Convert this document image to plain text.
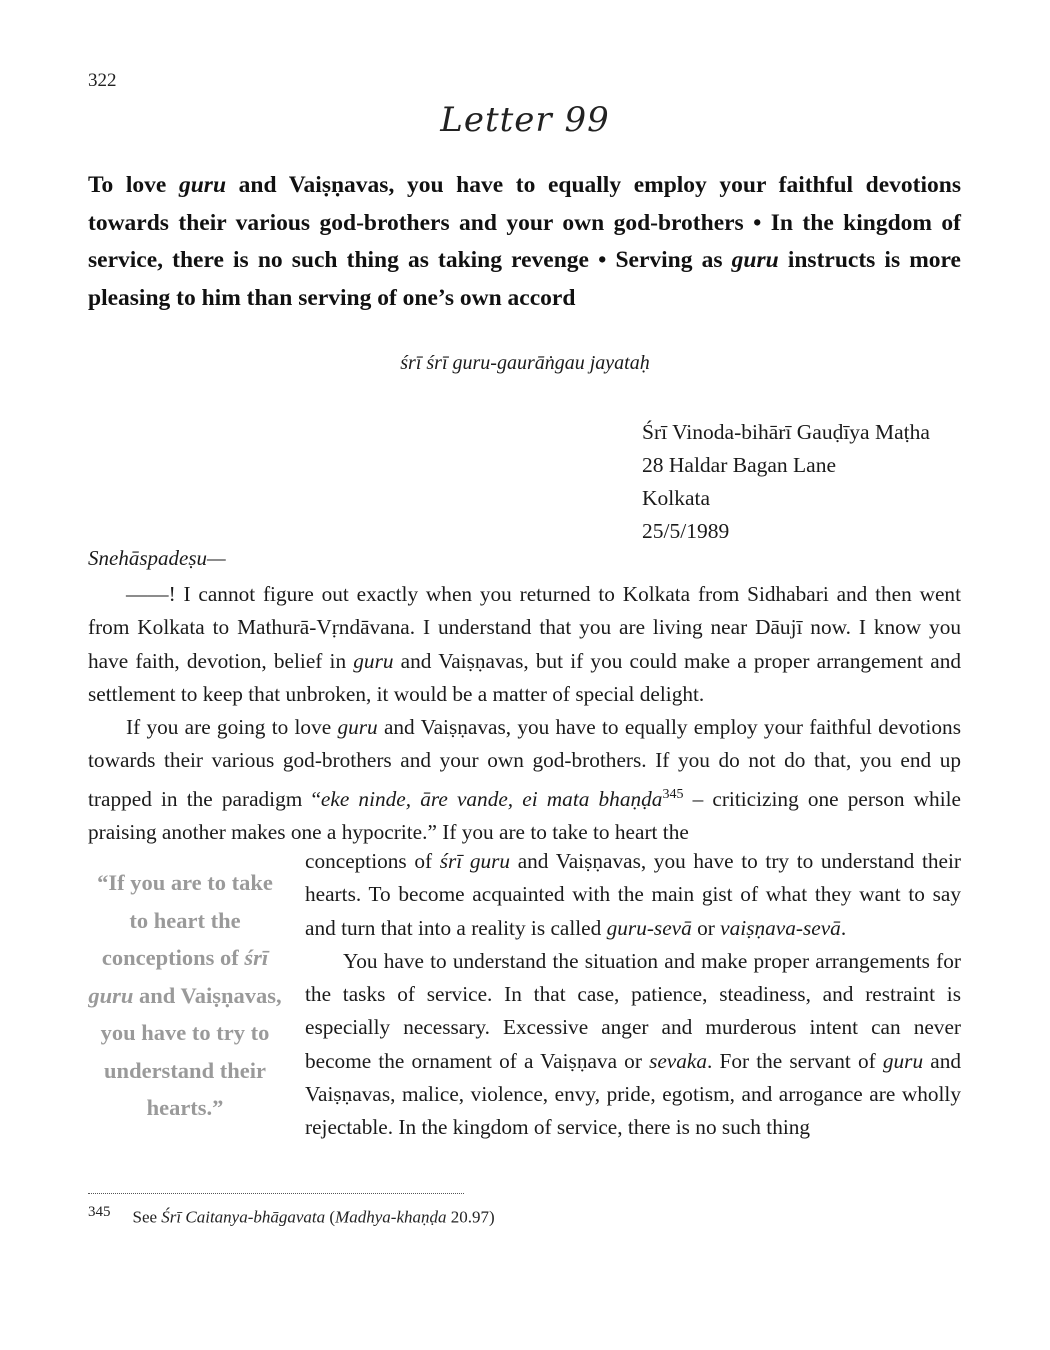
322
Letter 99
To love guru and Vaiṣṇavas, you have to equally employ your faithful devotions towards their various god-brothers and your own god-brothers • In the kingdom of service, there is no such thing as taking revenge • Serving as guru instructs is more pleasing to him than serving of one’s own accord
śrī śrī guru-gaurāṅgau jayataḥ
Śrī Vinoda-bihārī Gauḍīya Maṭha
28 Haldar Bagan Lane
Kolkata
25/5/1989
Snehāspadeṣu—

——! I cannot figure out exactly when you returned to Kolkata from Sidhabari and then went from Kolkata to Mathurā-Vṛndāvana. I understand that you are living near Dāujī now. I know you have faith, devotion, belief in guru and Vaiṣṇavas, but if you could make a proper arrangement and settlement to keep that unbroken, it would be a matter of special delight.

If you are going to love guru and Vaiṣṇavas, you have to equally employ your faithful devotions towards their various god-brothers and your own god-brothers. If you do not do that, you end up trapped in the paradigm “eke ninde, āre vande, ei mata bhaṇḍa$^{345}$ – criticizing one person while praising another makes one a hypocrite.” If you are to take to heart the

“If you are to take to heart the conceptions of śrī guru and Vaiṣṇavas, you have to try to understand their hearts.”

conceptions of śrī guru and Vaiṣṇavas, you have to try to understand their hearts. To become acquainted with the main gist of what they want to say and turn that into a reality is called guru-sevā or vaiṣṇava-sevā.

You have to understand the situation and make proper arrangements for the tasks of service. In that case, patience, steadiness, and restraint is especially necessary. Excessive anger and murderous intent can never become the ornament of a Vaiṣṇava or sevaka. For the servant of guru and Vaiṣṇavas, malice, violence, envy, pride, egotism, and arrogance are wholly rejectable. In the kingdom of service, there is no such thing

345 See Śrī Caitanya-bhāgavata (Madhya-khaṇḍa 20.97)
